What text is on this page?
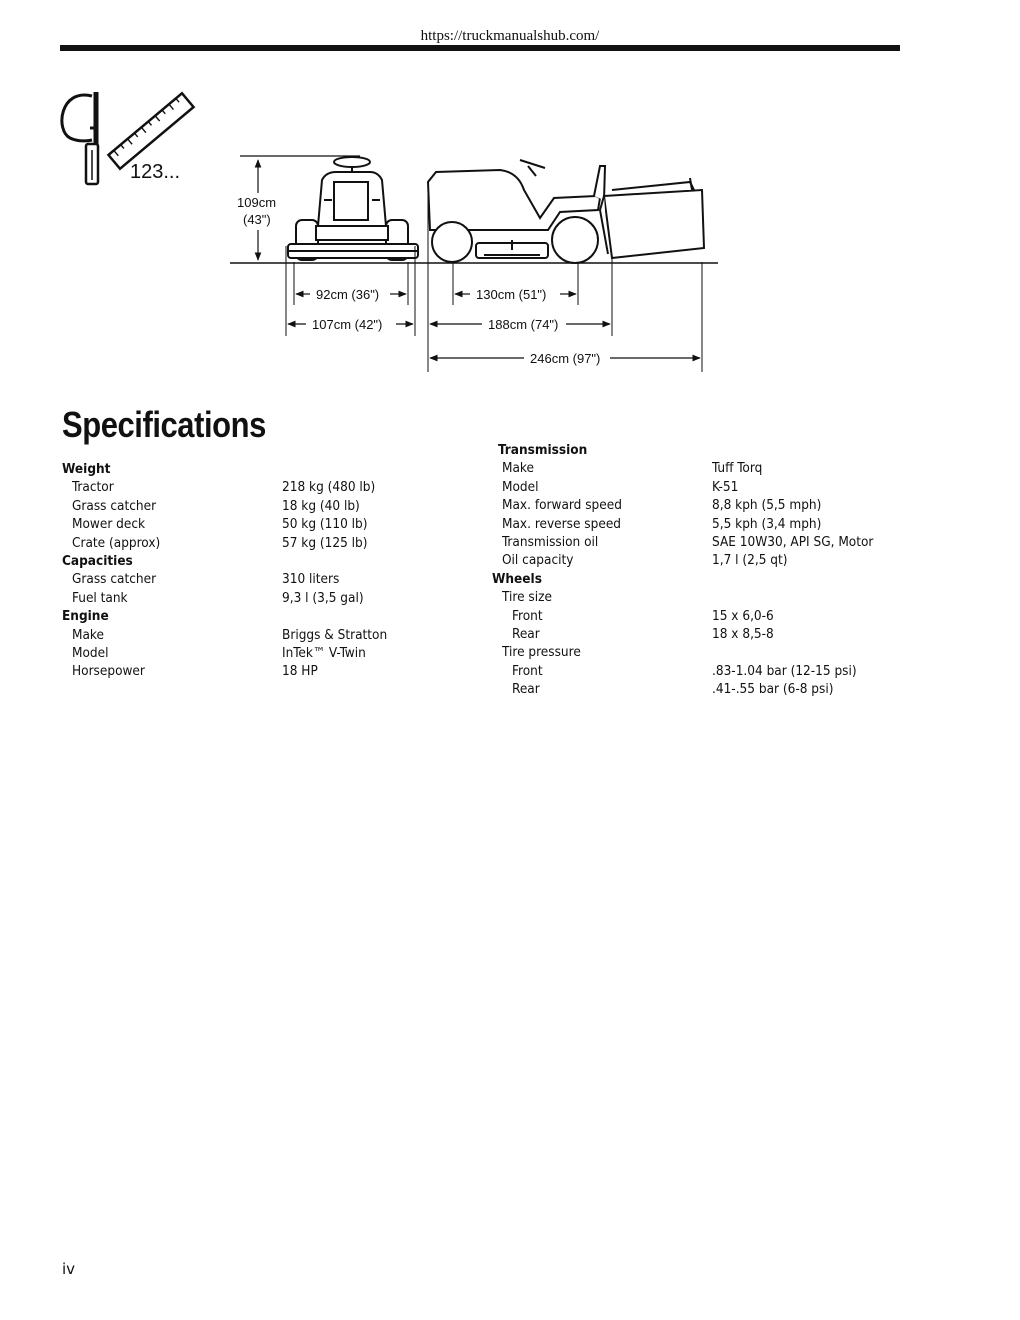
https://truckmanualshub.com/
123...
109cm
(43")
92cm (36")
107cm (42")
130cm (51")
188cm (74")
246cm (97")
Specifications
Weight
Tractor	218 kg (480 lb)
Grass catcher	18 kg (40 lb)
Mower deck	50 kg (110 lb)
Crate (approx)	57 kg (125 lb)
Capacities
Grass catcher	310 liters
Fuel tank	9,3 l (3,5 gal)
Engine
Make	Briggs & Stratton
Model	InTek™ V-Twin
Horsepower	18 HP
Transmission
Make	Tuff Torq
Model	K-51
Max. forward speed	8,8 kph (5,5 mph)
Max. reverse speed	5,5 kph (3,4 mph)
Transmission oil	SAE 10W30, API SG, Motor
Oil capacity	1,7 l (2,5 qt)
Wheels
Tire size
Front	15 x 6,0-6
Rear	18 x 8,5-8
Tire pressure
Front	.83-1.04 bar (12-15 psi)
Rear	.41-.55 bar (6-8 psi)
iv
